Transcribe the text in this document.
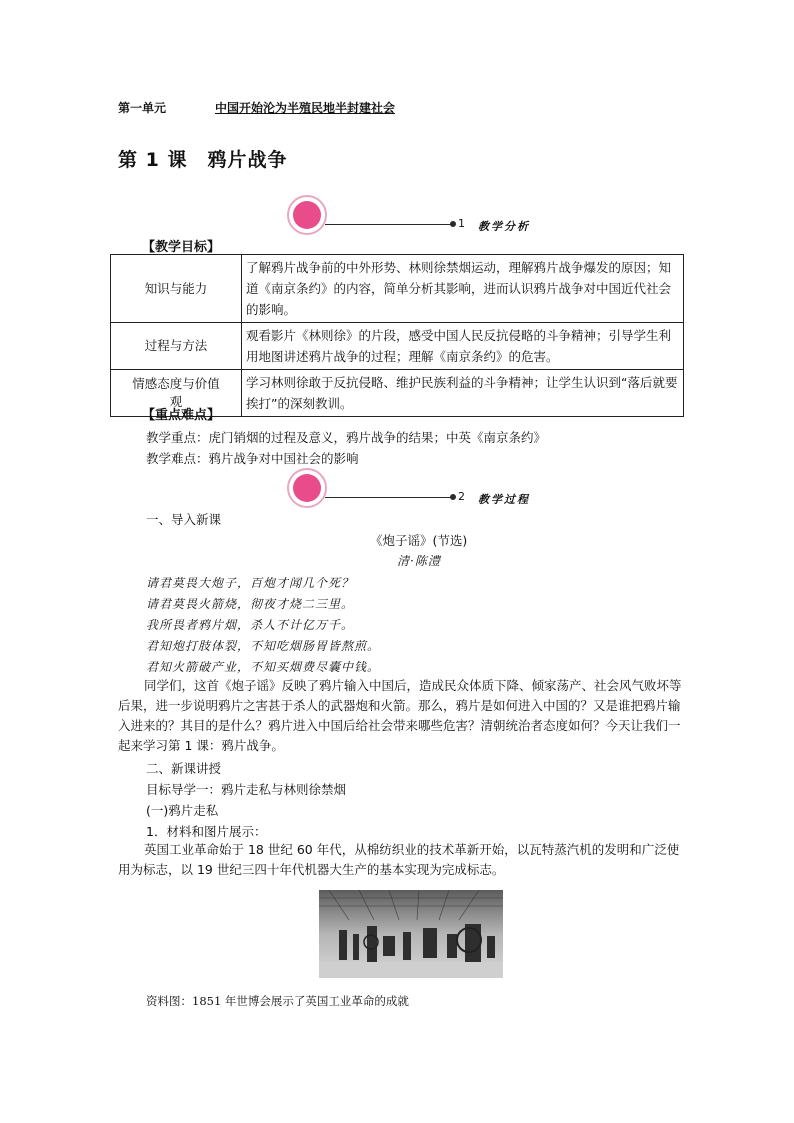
第一单元	中国开始沦为半殖民地半封建社会
第 1 课　鸦片战争
1 教学分析
【教学目标】
知识与能力	了解鸦片战争前的中外形势、林则徐禁烟运动，理解鸦片战争爆发的原因；知道《南京条约》的内容，简单分析其影响，进而认识鸦片战争对中国近代社会的影响。
过程与方法	观看影片《林则徐》的片段，感受中国人民反抗侵略的斗争精神；引导学生利用地图讲述鸦片战争的过程；理解《南京条约》的危害。
情感态度与价值观	学习林则徐敢于反抗侵略、维护民族利益的斗争精神；让学生认识到“落后就要挨打”的深刻教训。
【重点难点】
教学重点：虎门销烟的过程及意义，鸦片战争的结果；中英《南京条约》
教学难点：鸦片战争对中国社会的影响
2 教学过程
一、导入新课
《炮子谣》(节选)
清·陈澧
请君莫畏大炮子，百炮才闻几个死？
请君莫畏火箭烧，彻夜才烧二三里。
我所畏者鸦片烟，杀人不计亿万千。
君知炮打肢体裂，不知吃烟肠胃皆熬煎。
君知火箭破产业，不知买烟费尽囊中钱。
同学们，这首《炮子谣》反映了鸦片输入中国后，造成民众体质下降、倾家荡产、社会风气败坏等后果，进一步说明鸦片之害甚于杀人的武器炮和火箭。那么，鸦片是如何进入中国的？又是谁把鸦片输入进来的？其目的是什么？鸦片进入中国后给社会带来哪些危害？清朝统治者态度如何？今天让我们一起来学习第 1 课：鸦片战争。
二、新课讲授
目标导学一：鸦片走私与林则徐禁烟
(一)鸦片走私
1．材料和图片展示：
英国工业革命始于 18 世纪 60 年代，从棉纺织业的技术革新开始，以瓦特蒸汽机的发明和广泛使用为标志，以 19 世纪三四十年代机器大生产的基本实现为完成标志。
资料图：1851 年世博会展示了英国工业革命的成就
